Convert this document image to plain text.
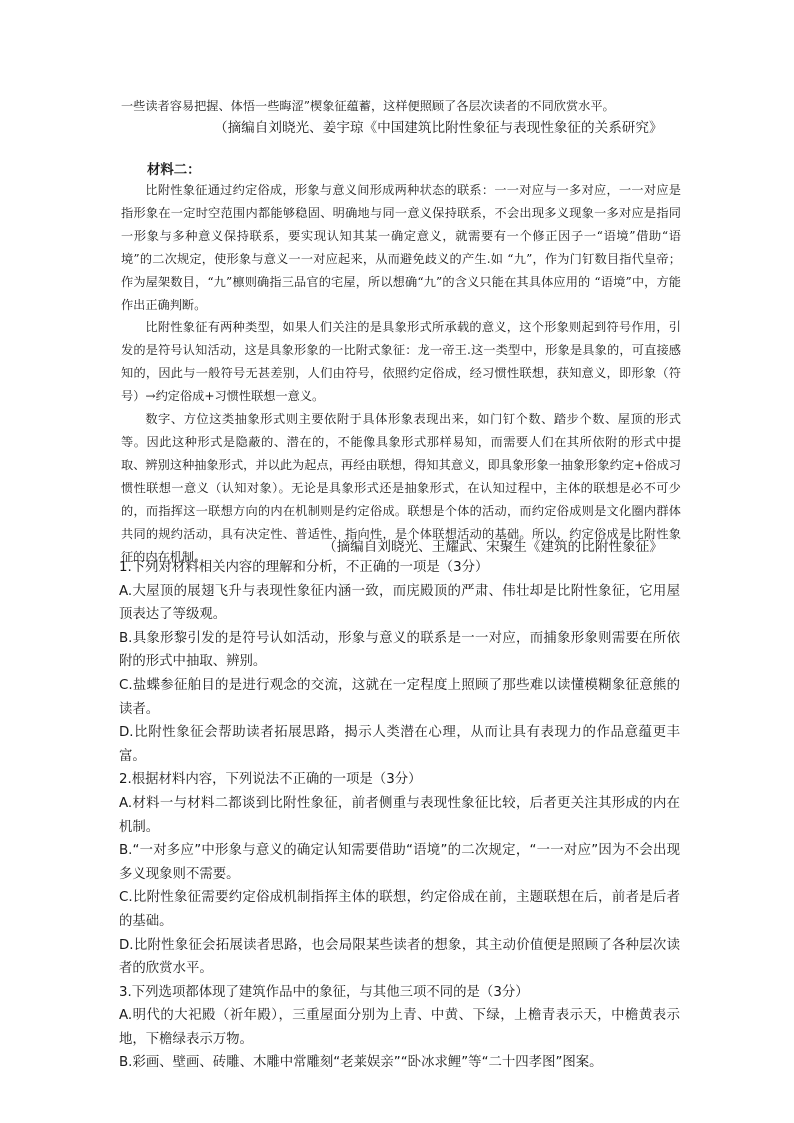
一些读者容易把握、体悟一些晦涩”楔象征蕴蓄，这样便照顾了各层次读者的不同欣赏水平。

（摘编自刘晓光、姜宇琼《中国建筑比附性象征与表现性象征的关系研究》

材料二：

比附性象征通过约定俗成，形象与意义间形成两种状态的联系：一一对应与一多对应，一一对应是指形象在一定时空范围内都能够稳固、明确地与同一意义保持联系，不会出现多义现象一多对应是指同一形象与多种意义保持联系，要实现认知其某一确定意义，就需要有一个修正因子一“语境”借助“语境”的二次规定，使形象与意义一一对应起来，从而避免歧义的产生.如 “九”，作为门钉数目指代皇帝；作为屋架数目，“九”檩则确指三品官的宅屋，所以想确“九”的含义只能在其具体应用的 “语境”中，方能作出正确判断。

比附性象征有两种类型，如果人们关注的是具象形式所承载的意义，这个形象则起到符号作用，引发的是符号认知活动，这是具象形象的一比附式象征：龙一帝王.这一类型中，形象是具象的，可直接感知的，因此与一般符号无甚差别，人们由符号，依照约定俗成，经习惯性联想，获知意义，即形象（符号）→约定俗成+习惯性联想一意义。

数字、方位这类抽象形式则主要依附于具体形象表现出来，如门钉个数、踏步个数、屋顶的形式等。因此这种形式是隐蔽的、潜在的，不能像具象形式那样易知，而需要人们在其所依附的形式中提取、辨别这种抽象形式，并以此为起点，再经由联想，得知其意义，即具象形象一抽象形象约定+俗成习惯性联想一意义（认知对象）。无论是具象形式还是抽象形式，在认知过程中，主体的联想是必不可少的，而指挥这一联想方向的内在机制则是约定俗成。联想是个体的活动，而约定俗成则是文化圈内群体共同的规约活动，具有决定性、普适性、指向性，是个体联想活动的基础。所以，约定俗成是比附性象征的内在机制。

（摘编自刘晓光、王耀武、宋聚生《建筑的比附性象征》

1.下列对材料相关内容的理解和分析，不正确的一项是（3分）

A.大屋顶的展翅飞升与表现性象征内涵一致，而庑殿顶的严肃、伟壮却是比附性象征，它用屋顶表达了等级观。

B.具象形黎引发的是符号认如活动，形象与意义的联系是一一对应，而捕象形象则需要在所依附的形式中抽取、辨别。

C.盐蝶参征舶目的是进行观念的交流，这就在一定程度上照顾了那些难以读懂模糊象征意熊的读者。

D.比附性象征会帮助读者拓展思路，揭示人类潜在心理，从而让具有表现力的作品意蕴更丰富。

2.根据材料内容，下列说法不正确的一项是（3分）

A.材料一与材料二都谈到比附性象征，前者侧重与表现性象征比较，后者更关注其形成的内在机制。

B.“一对多应”中形象与意义的确定认知需要借助“语境”的二次规定，“一一对应”因为不会出现多义现象则不需要。

C.比附性象征需要约定俗成机制指挥主体的联想，约定俗成在前，主题联想在后，前者是后者的基础。

D.比附性象征会拓展读者思路，也会局限某些读者的想象，其主动价值便是照顾了各种层次读者的欣赏水平。

3.下列选项都体现了建筑作品中的象征，与其他三项不同的是（3分）

A.明代的大祀殿（祈年殿），三重屋面分别为上青、中黄、下绿，上檐青表示天，中檐黄表示地，下檐绿表示万物。

B.彩画、壁画、砖雕、木雕中常雕刻“老莱娱亲”“卧冰求鲤”等“二十四孝图”图案。
